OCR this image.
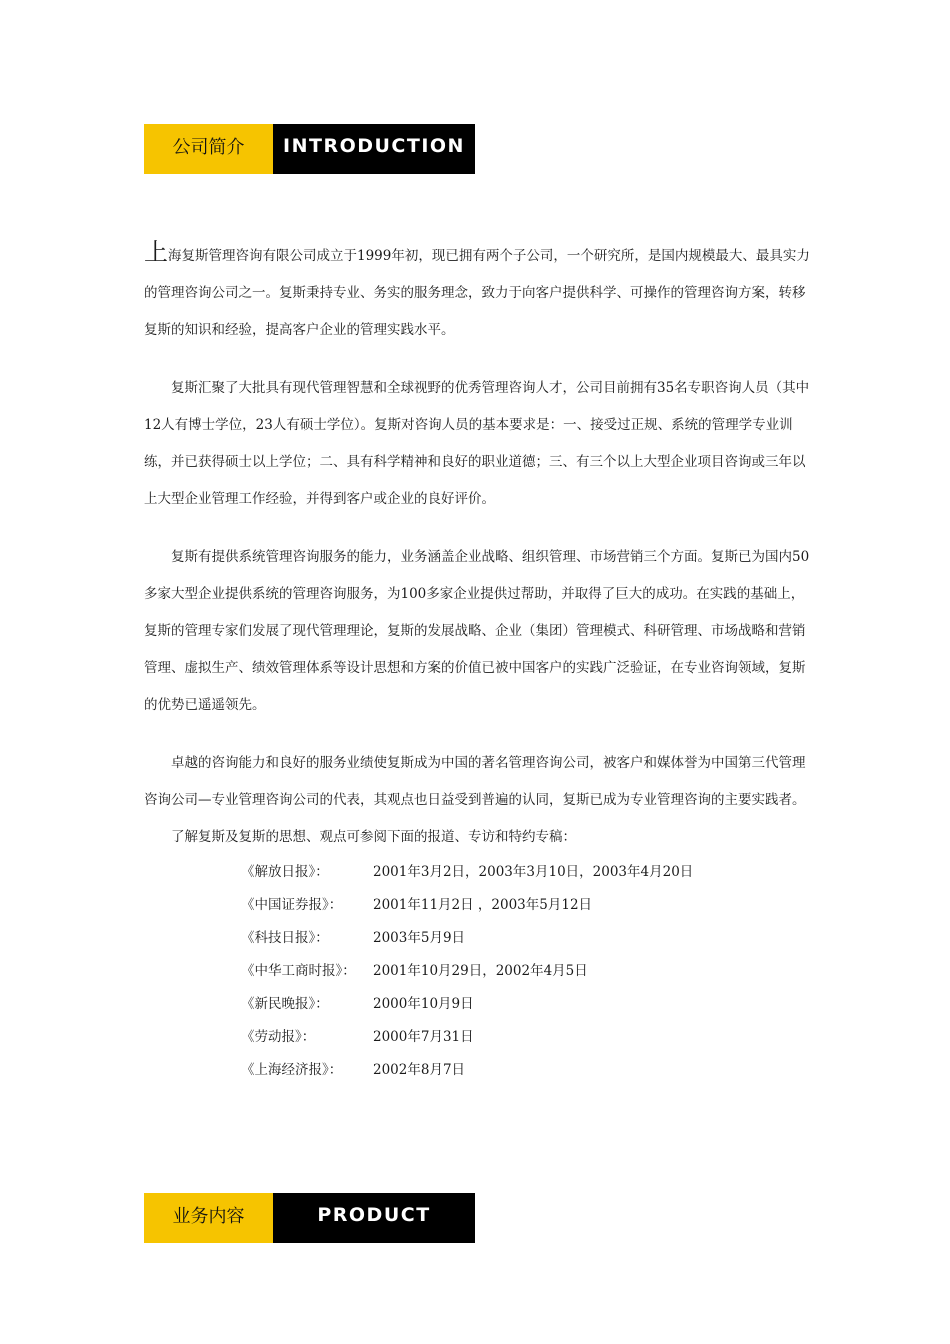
公司简介	INTRODUCTION

上海复斯管理咨询有限公司成立于1999年初，现已拥有两个子公司，一个研究所，是国内规模最大、最具实力的管理咨询公司之一。复斯秉持专业、务实的服务理念，致力于向客户提供科学、可操作的管理咨询方案，转移复斯的知识和经验，提高客户企业的管理实践水平。

复斯汇聚了大批具有现代管理智慧和全球视野的优秀管理咨询人才，公司目前拥有35名专职咨询人员（其中12人有博士学位，23人有硕士学位）。复斯对咨询人员的基本要求是：一、接受过正规、系统的管理学专业训练，并已获得硕士以上学位；二、具有科学精神和良好的职业道德；三、有三个以上大型企业项目咨询或三年以上大型企业管理工作经验，并得到客户或企业的良好评价。

复斯有提供系统管理咨询服务的能力，业务涵盖企业战略、组织管理、市场营销三个方面。复斯已为国内50多家大型企业提供系统的管理咨询服务，为100多家企业提供过帮助，并取得了巨大的成功。在实践的基础上，复斯的管理专家们发展了现代管理理论，复斯的发展战略、企业（集团）管理模式、科研管理、市场战略和营销管理、虚拟生产、绩效管理体系等设计思想和方案的价值已被中国客户的实践广泛验证，在专业咨询领域，复斯的优势已遥遥领先。

卓越的咨询能力和良好的服务业绩使复斯成为中国的著名管理咨询公司，被客户和媒体誉为中国第三代管理咨询公司—专业管理咨询公司的代表，其观点也日益受到普遍的认同，复斯已成为专业管理咨询的主要实践者。

了解复斯及复斯的思想、观点可参阅下面的报道、专访和特约专稿：

《解放日报》：	2001年3月2日，2003年3月10日，2003年4月20日
《中国证券报》：	2001年11月2日 ，2003年5月12日
《科技日报》：	2003年5月9日
《中华工商时报》：	2001年10月29日，2002年4月5日
《新民晚报》：	2000年10月9日
《劳动报》：	2000年7月31日
《上海经济报》：	2002年8月7日
业务内容	PRODUCT
